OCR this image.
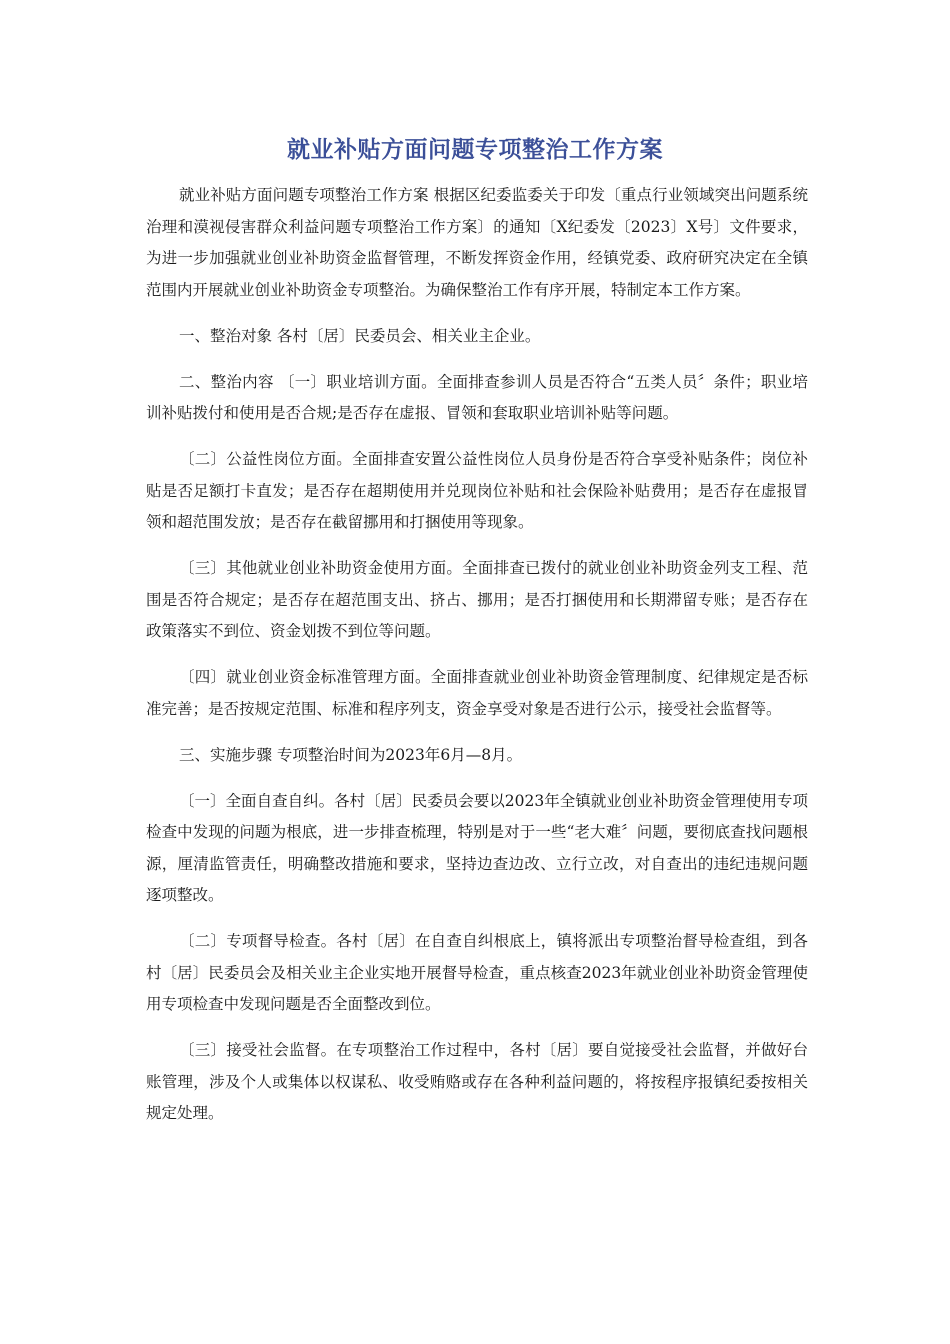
就业补贴方面问题专项整治工作方案

就业补贴方面问题专项整治工作方案 根据区纪委监委关于印发〔重点行业领域突出问题系统治理和漠视侵害群众利益问题专项整治工作方案〕的通知〔X纪委发〔2023〕X号〕文件要求，为进一步加强就业创业补助资金监督管理，不断发挥资金作用，经镇党委、政府研究决定在全镇范围内开展就业创业补助资金专项整治。为确保整治工作有序开展，特制定本工作方案。

一、整治对象 各村〔居〕民委员会、相关业主企业。

二、整治内容 〔一〕职业培训方面。全面排查参训人员是否符合“五类人员〞条件；职业培训补贴拨付和使用是否合规;是否存在虚报、冒领和套取职业培训补贴等问题。

〔二〕公益性岗位方面。全面排查安置公益性岗位人员身份是否符合享受补贴条件；岗位补贴是否足额打卡直发；是否存在超期使用并兑现岗位补贴和社会保险补贴费用；是否存在虚报冒领和超范围发放；是否存在截留挪用和打捆使用等现象。

〔三〕其他就业创业补助资金使用方面。全面排查已拨付的就业创业补助资金列支工程、范围是否符合规定；是否存在超范围支出、挤占、挪用；是否打捆使用和长期滞留专账；是否存在政策落实不到位、资金划拨不到位等问题。

〔四〕就业创业资金标准管理方面。全面排查就业创业补助资金管理制度、纪律规定是否标准完善；是否按规定范围、标准和程序列支，资金享受对象是否进行公示，接受社会监督等。

三、实施步骤 专项整治时间为2023年6月—8月。

〔一〕全面自查自纠。各村〔居〕民委员会要以2023年全镇就业创业补助资金管理使用专项检查中发现的问题为根底，进一步排查梳理，特别是对于一些“老大难〞问题，要彻底查找问题根源，厘清监管责任，明确整改措施和要求，坚持边查边改、立行立改，对自查出的违纪违规问题逐项整改。

〔二〕专项督导检查。各村〔居〕在自查自纠根底上，镇将派出专项整治督导检查组，到各村〔居〕民委员会及相关业主企业实地开展督导检查，重点核查2023年就业创业补助资金管理使用专项检查中发现问题是否全面整改到位。

〔三〕接受社会监督。在专项整治工作过程中，各村〔居〕要自觉接受社会监督，并做好台账管理，涉及个人或集体以权谋私、收受贿赂或存在各种利益问题的，将按程序报镇纪委按相关规定处理。
